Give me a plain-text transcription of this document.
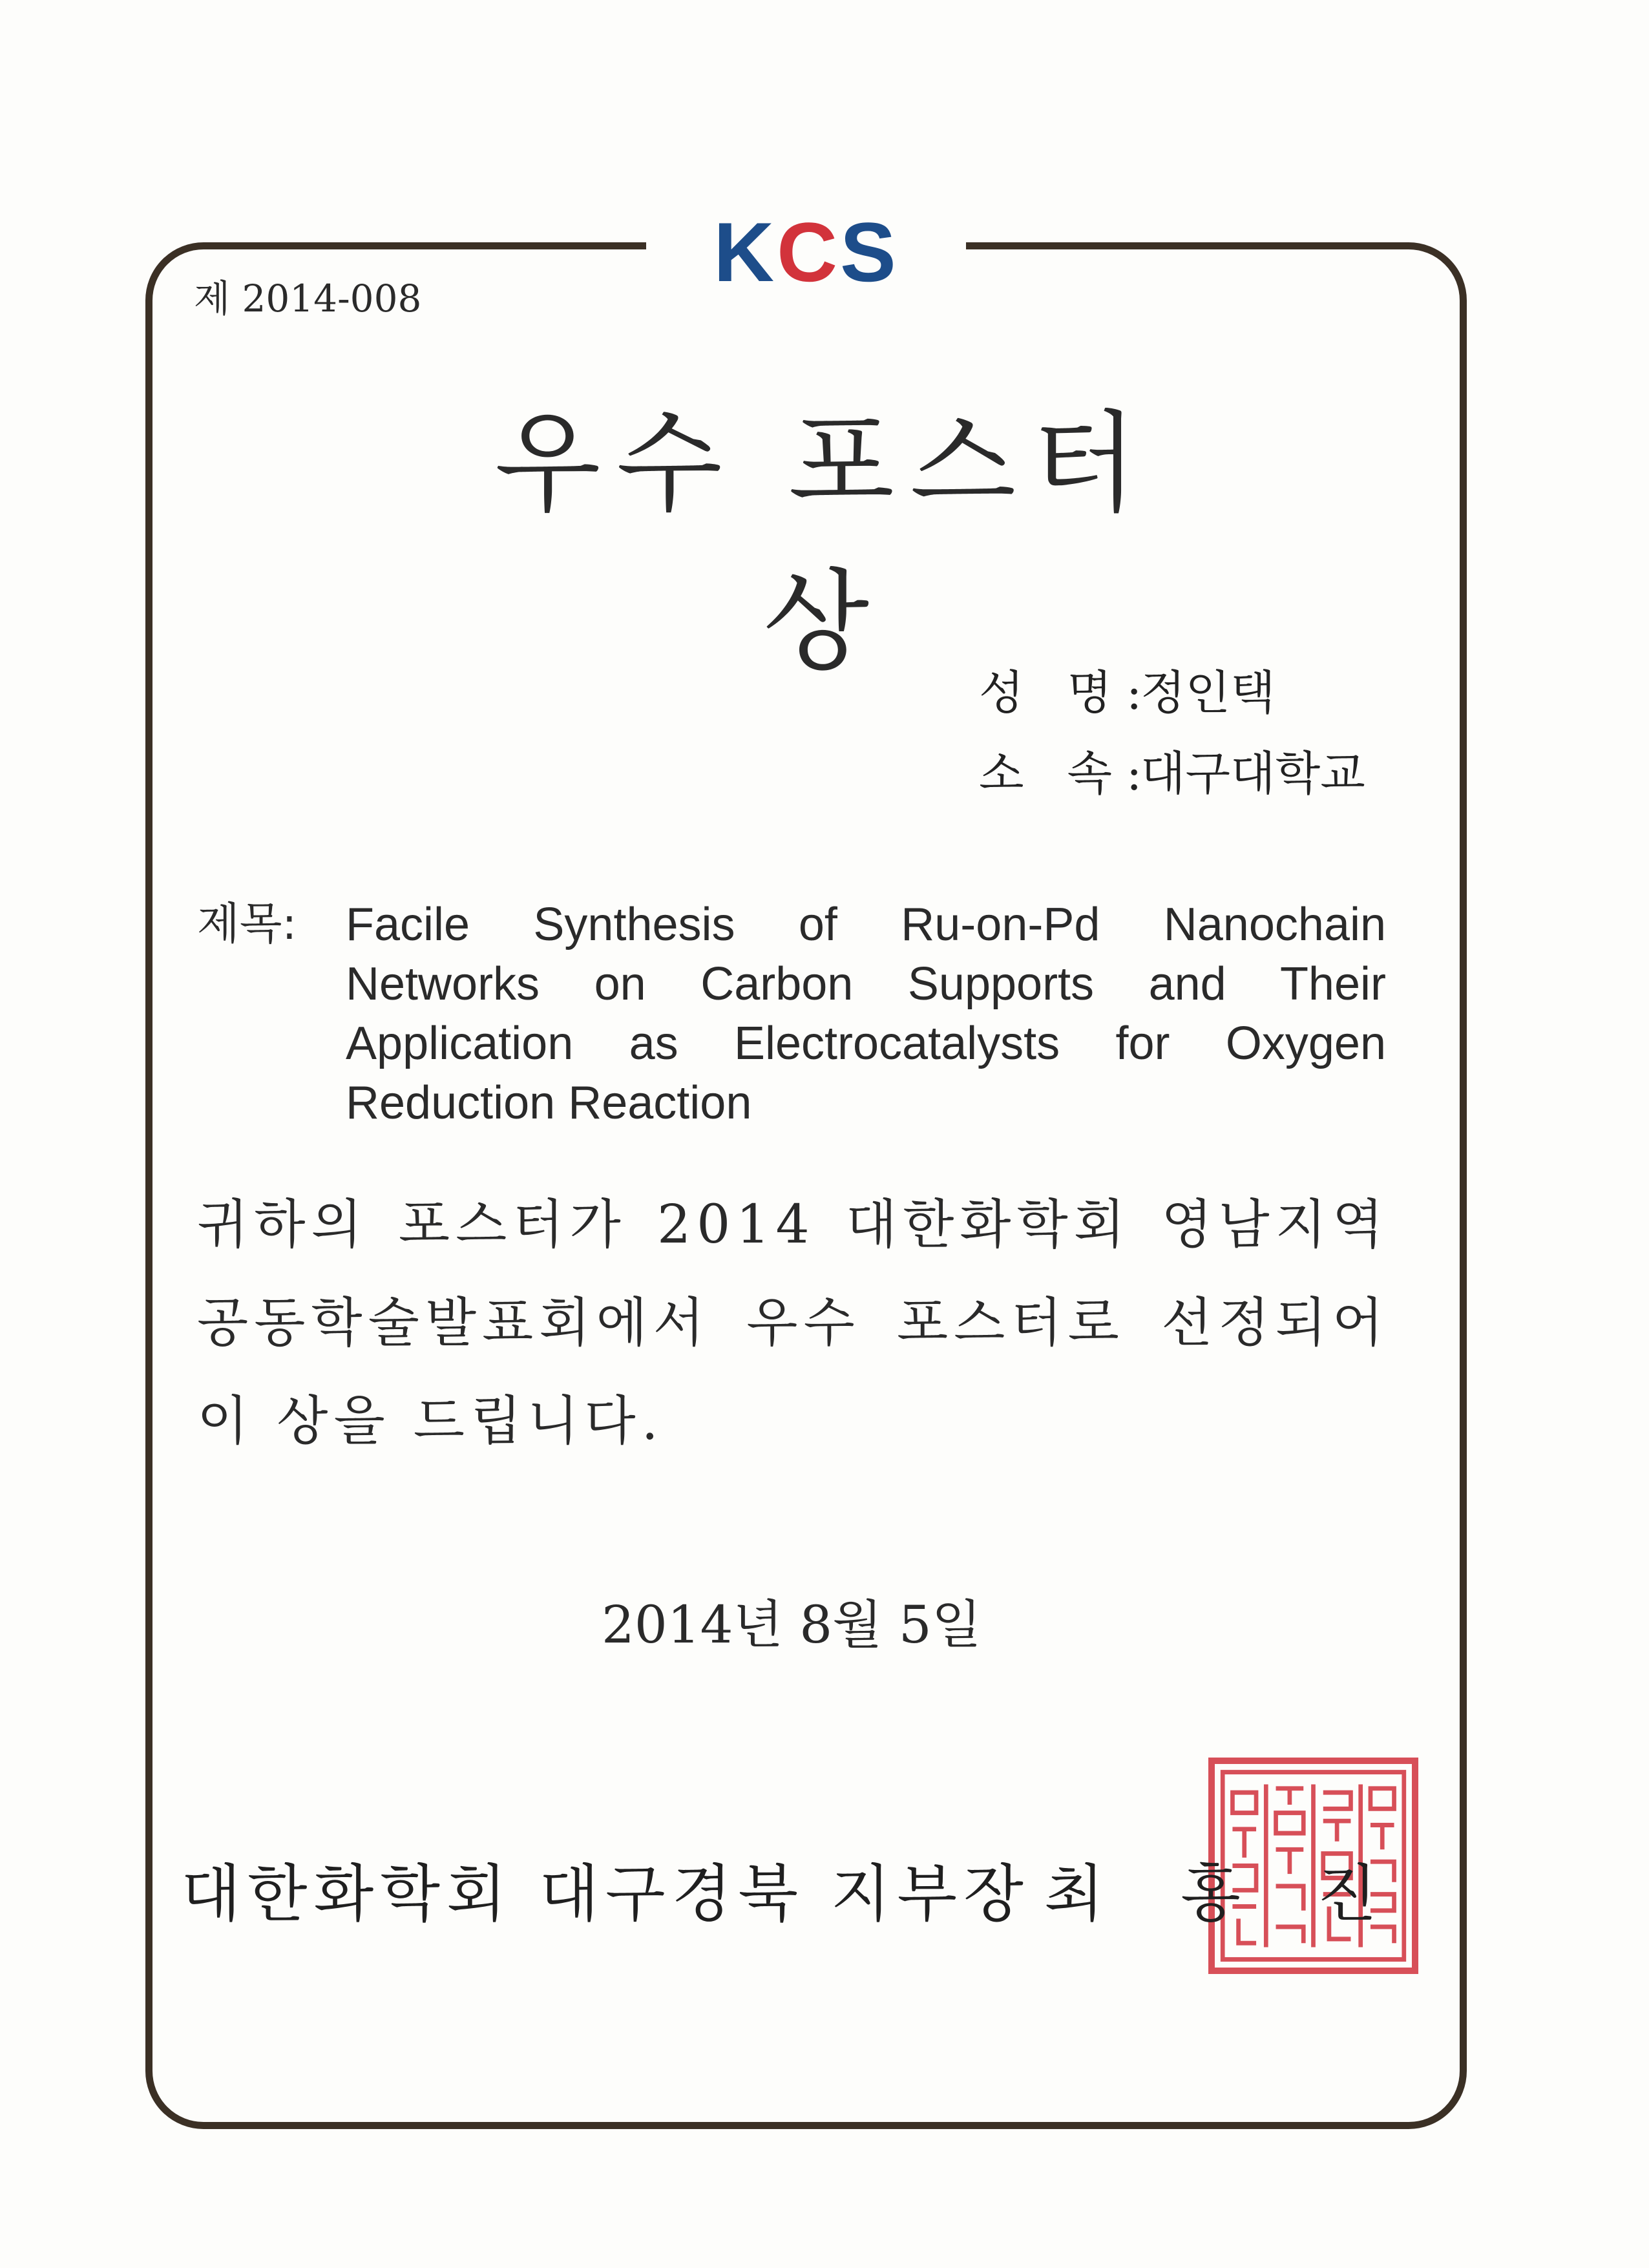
KCS
제 2014-008
우수 포스터상
성 명:
정인택
소 속:
대구대학교
제목:	Facile Synthesis of Ru-on-Pd Nanochain Networks on Carbon Supports and Their Application as Electrocatalysts for Oxygen Reduction Reaction
귀하의 포스터가 2014 대한화학회 영남지역 공동학술발표회에서 우수 포스터로 선정되어 이 상을 드립니다.
2014년 8월 5일
대한화학회 대구경북 지부장 최 홍 진
